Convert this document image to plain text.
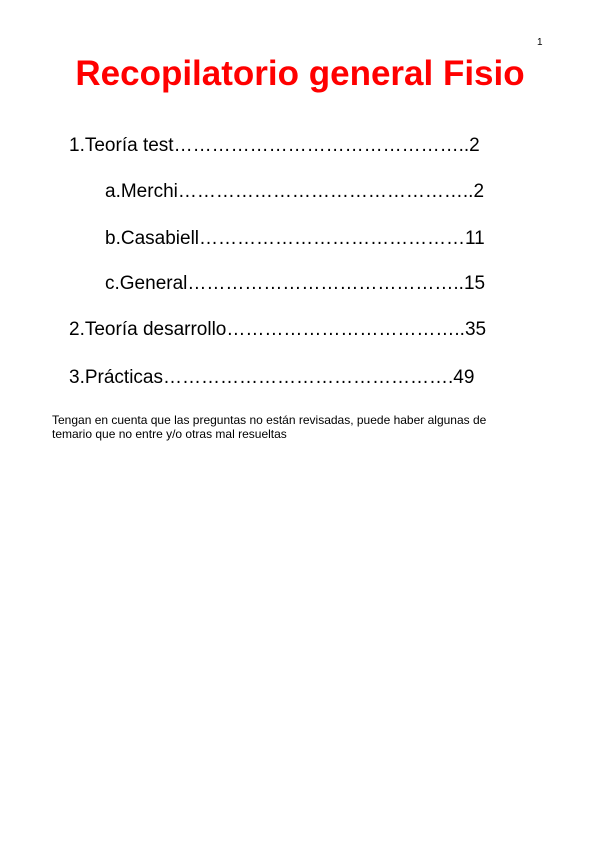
1
Recopilatorio general Fisio
1. Teoría test ……………………………………….. 2
a. Merchi ……………………………………….. 2
b. Casabiell …………………………………… 11
c. General …………………………………….. 15
2. Teoría desarrollo ……………………………….. 35
3. Prácticas ………………………………………. 49

Tengan en cuenta que las preguntas no están revisadas, puede haber algunas de
temario que no entre y/o otras mal resueltas
